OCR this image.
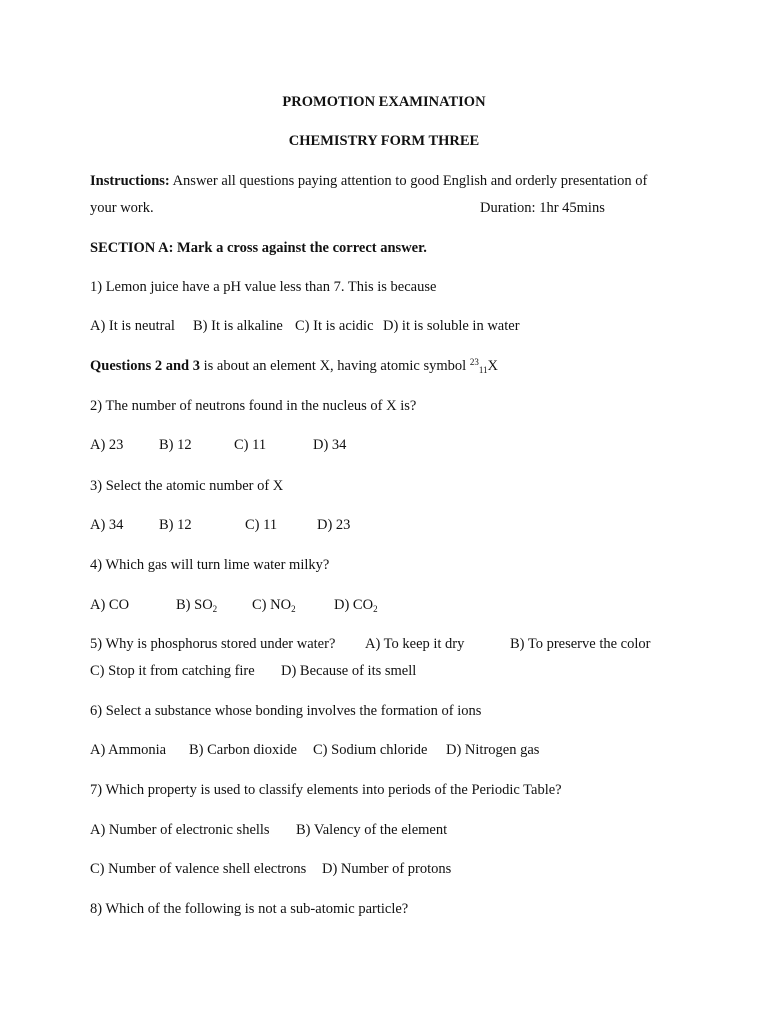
PROMOTION EXAMINATION
CHEMISTRY FORM THREE
Instructions: Answer all questions paying attention to good English and orderly presentation of
your work.	Duration: 1hr 45mins
SECTION A: Mark a cross against the correct answer.
1) Lemon juice have a pH value less than 7. This is because
A) It is neutral B) It is alkaline C) It is acidic D) it is soluble in water
Questions 2 and 3 is about an element X, having atomic symbol $^{23}_{11}$X
2) The number of neutrons found in the nucleus of X is?
A) 23 B) 12	C) 11	D) 34
3) Select the atomic number of X
A) 34 B) 12	C) 11	D) 23
4) Which gas will turn lime water milky?
A) CO	B) $SO_2$ C) $NO_2$	D) $CO_2$
5) Why is phosphorus stored under water? A) To keep it dry	B) To preserve the color
C) Stop it from catching fire D) Because of its smell
6) Select a substance whose bonding involves the formation of ions
A) Ammonia B) Carbon dioxide C) Sodium chloride D) Nitrogen gas
7) Which property is used to classify elements into periods of the Periodic Table?
A) Number of electronic shells B) Valency of the element
C) Number of valence shell electrons D) Number of protons
8) Which of the following is not a sub-atomic particle?
